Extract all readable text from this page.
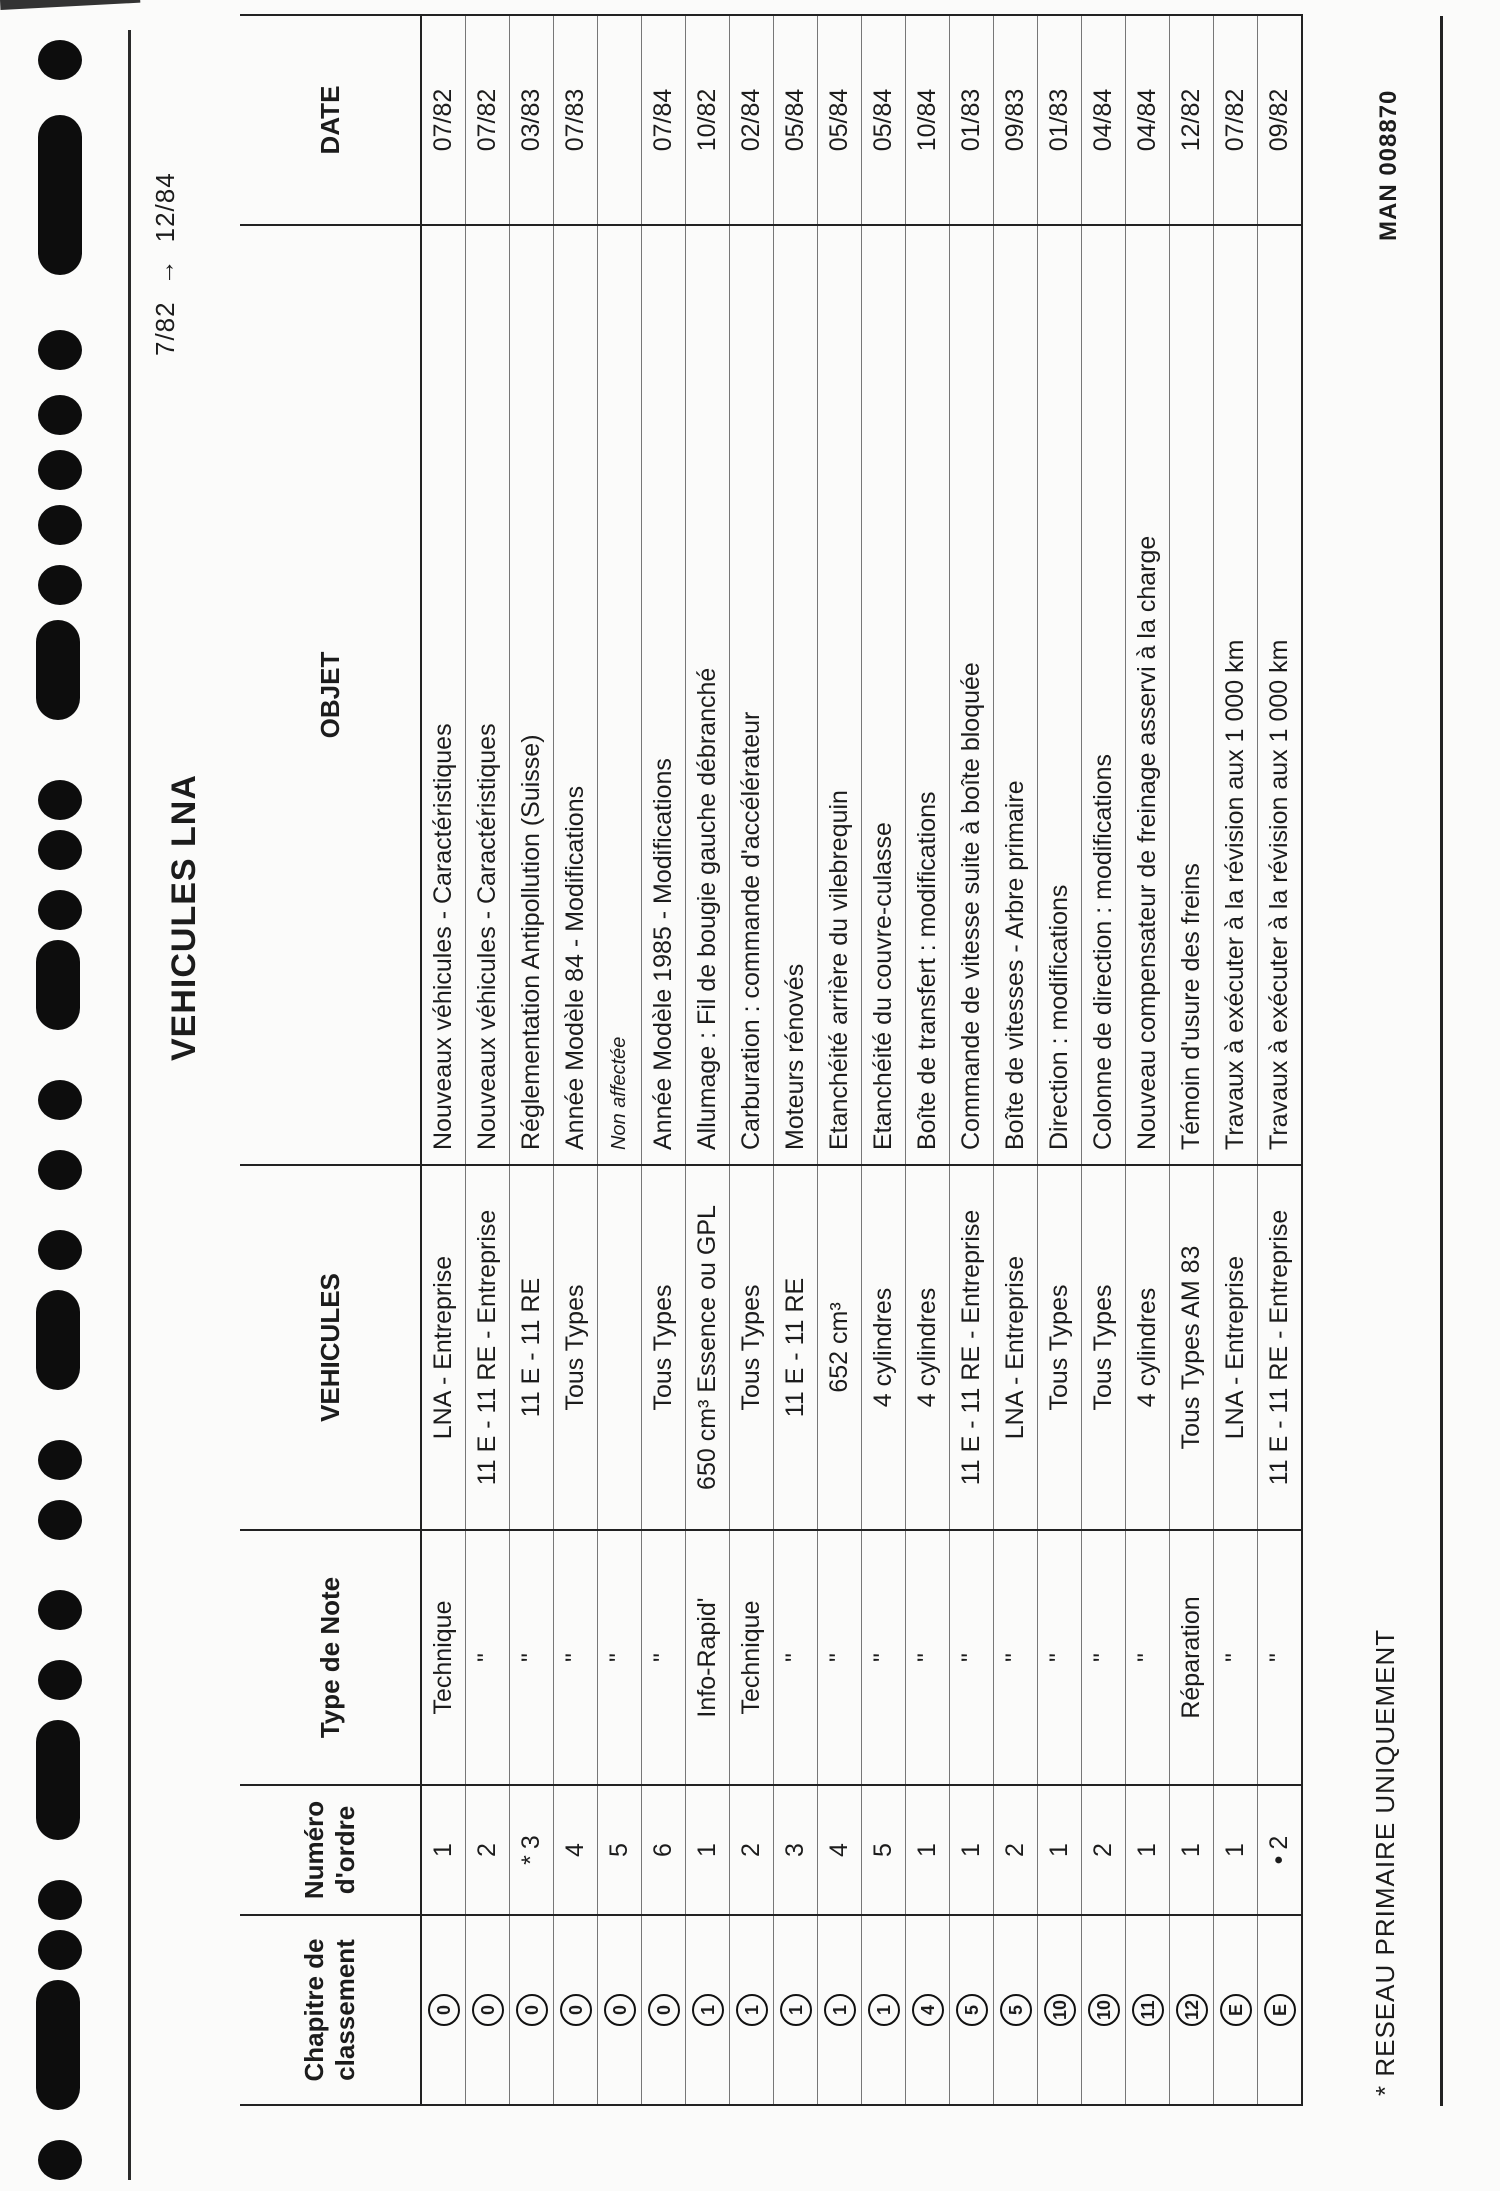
VEHICULES LNA
7/82→12/84
Chapitre de classement	Numéro d'ordre	Type de Note	VEHICULES	OBJET	DATE
0	1	Technique	LNA - Entreprise	Nouveaux véhicules - Caractéristiques	07/82
0	2	"	11 E - 11 RE - Entreprise	Nouveaux véhicules - Caractéristiques	07/82
0	*3	"	11 E - 11 RE	Réglementation Antipollution (Suisse)	03/83
0	4	"	Tous Types	Année Modèle 84 - Modifications	07/83
0	5	"		Non affectée	
0	6	"	Tous Types	Année Modèle 1985 - Modifications	07/84
1	1	Info-Rapid'	650 cm³ Essence ou GPL	Allumage : Fil de bougie gauche débranché	10/82
1	2	Technique	Tous Types	Carburation : commande d'accélérateur	02/84
1	3	"	11 E - 11 RE	Moteurs rénovés	05/84
1	4	"	652 cm³	Etanchéité arrière du vilebrequin	05/84
1	5	"	4 cylindres	Etanchéité du couvre-culasse	05/84
4	1	"	4 cylindres	Boîte de transfert : modifications	10/84
5	1	"	11 E - 11 RE - Entreprise	Commande de vitesse suite à boîte bloquée	01/83
5	2	"	LNA - Entreprise	Boîte de vitesses - Arbre primaire	09/83
10	1	"	Tous Types	Direction : modifications	01/83
10	2	"	Tous Types	Colonne de direction : modifications	04/84
11	1	"	4 cylindres	Nouveau compensateur de freinage asservi à la charge	04/84
12	1	Réparation	Tous Types AM 83	Témoin d'usure des freins	12/82
E	1	"	LNA - Entreprise	Travaux à exécuter à la révision aux 1 000 km	07/82
E	•2	"	11 E - 11 RE - Entreprise	Travaux à exécuter à la révision aux 1 000 km	09/82
* RESEAU PRIMAIRE UNIQUEMENT
MAN 008870
